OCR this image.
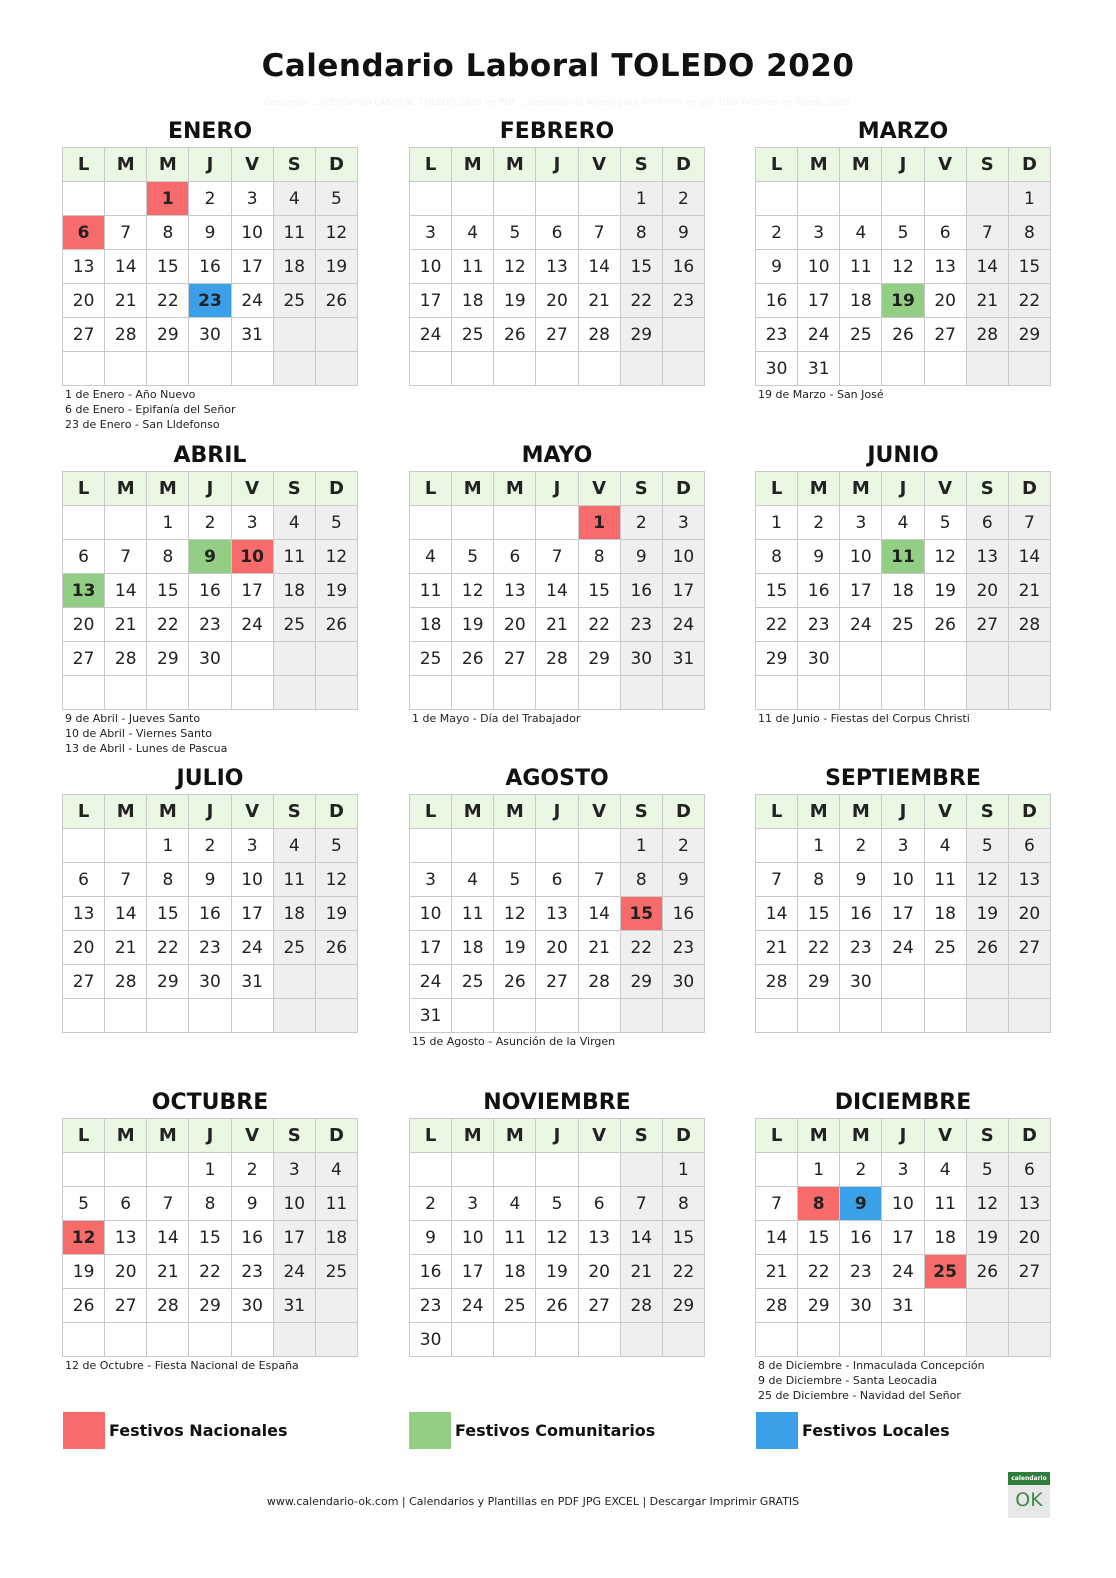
Calendario Laboral TOLEDO 2020
Descargar CALENDARIO LABORAL TOLEDO 2020 en PDF. Calendario de Toledo para IMPRIMIR en pdf. Días Festivos en Toledo 2020.
ENERO
L	M	M	J	V	S	D
		1	2	3	4	5
6	7	8	9	10	11	12
13	14	15	16	17	18	19
20	21	22	23	24	25	26
27	28	29	30	31		

1 de Enero - Año Nuevo
6 de Enero - Epifanía del Señor
23 de Enero - San Lldefonso
FEBRERO
L	M	M	J	V	S	D
					1	2
3	4	5	6	7	8	9
10	11	12	13	14	15	16
17	18	19	20	21	22	23
24	25	26	27	28	29	

MARZO
L	M	M	J	V	S	D
						1
2	3	4	5	6	7	8
9	10	11	12	13	14	15
16	17	18	19	20	21	22
23	24	25	26	27	28	29
30	31					
19 de Marzo - San José
ABRIL
L	M	M	J	V	S	D
		1	2	3	4	5
6	7	8	9	10	11	12
13	14	15	16	17	18	19
20	21	22	23	24	25	26
27	28	29	30			

9 de Abril - Jueves Santo
10 de Abril - Viernes Santo
13 de Abril - Lunes de Pascua
MAYO
L	M	M	J	V	S	D
				1	2	3
4	5	6	7	8	9	10
11	12	13	14	15	16	17
18	19	20	21	22	23	24
25	26	27	28	29	30	31

1 de Mayo - Día del Trabajador
JUNIO
L	M	M	J	V	S	D
1	2	3	4	5	6	7
8	9	10	11	12	13	14
15	16	17	18	19	20	21
22	23	24	25	26	27	28
29	30					

11 de Junio - Fiestas del Corpus Christi
JULIO
L	M	M	J	V	S	D
		1	2	3	4	5
6	7	8	9	10	11	12
13	14	15	16	17	18	19
20	21	22	23	24	25	26
27	28	29	30	31		

AGOSTO
L	M	M	J	V	S	D
					1	2
3	4	5	6	7	8	9
10	11	12	13	14	15	16
17	18	19	20	21	22	23
24	25	26	27	28	29	30
31						
15 de Agosto - Asunción de la Virgen
SEPTIEMBRE
L	M	M	J	V	S	D
	1	2	3	4	5	6
7	8	9	10	11	12	13
14	15	16	17	18	19	20
21	22	23	24	25	26	27
28	29	30				

OCTUBRE
L	M	M	J	V	S	D
			1	2	3	4
5	6	7	8	9	10	11
12	13	14	15	16	17	18
19	20	21	22	23	24	25
26	27	28	29	30	31	

12 de Octubre - Fiesta Nacional de España
NOVIEMBRE
L	M	M	J	V	S	D
						1
2	3	4	5	6	7	8
9	10	11	12	13	14	15
16	17	18	19	20	21	22
23	24	25	26	27	28	29
30						
DICIEMBRE
L	M	M	J	V	S	D
	1	2	3	4	5	6
7	8	9	10	11	12	13
14	15	16	17	18	19	20
21	22	23	24	25	26	27
28	29	30	31			

8 de Diciembre - Inmaculada Concepción
9 de Diciembre - Santa Leocadia
25 de Diciembre - Navidad del Señor
Festivos Nacionales	Festivos Comunitarios	Festivos Locales
www.calendario-ok.com | Calendarios y Plantillas en PDF JPG EXCEL | Descargar Imprimir GRATIS
calendario
OK
